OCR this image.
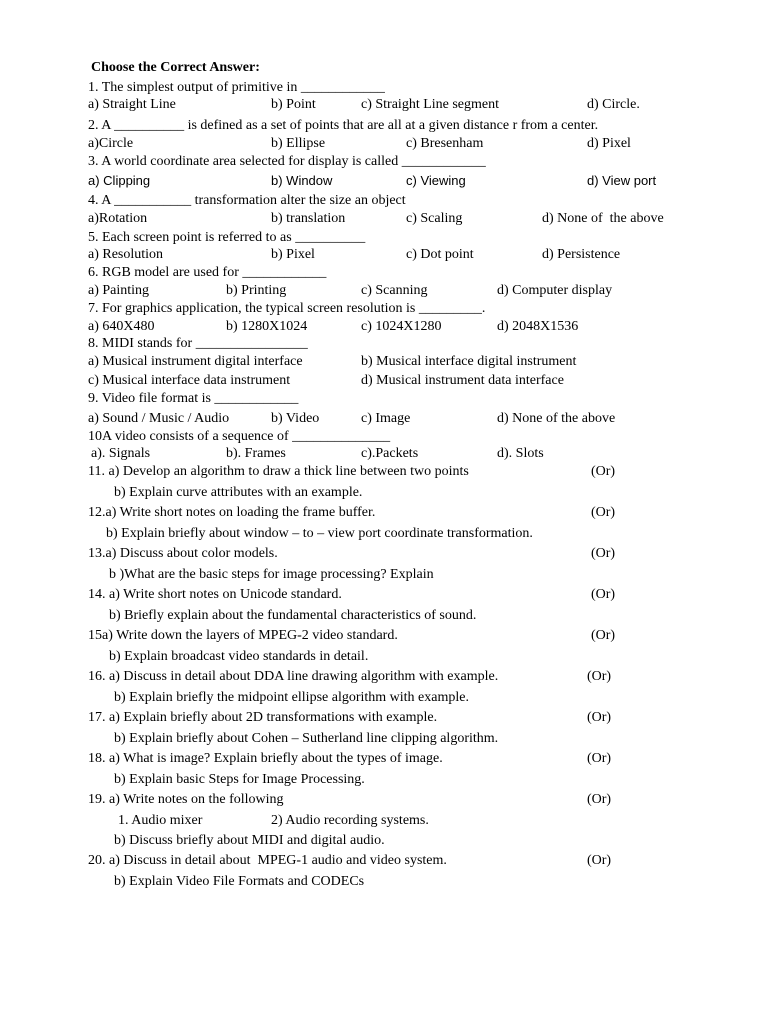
Choose the Correct Answer:
1. The simplest output of primitive in ____________
a) Straight Line	b) Point	c) Straight Line segment	d) Circle.
2. A __________ is defined as a set of points that are all at a given distance r from a center.
a)Circle	b) Ellipse	c) Bresenham	d) Pixel
3. A world coordinate area selected for display is called ____________
a) Clipping	b) Window	c) Viewing	d) View port
4. A ___________ transformation alter the size an object
a)Rotation	b) translation	c) Scaling	d) None of  the above
5. Each screen point is referred to as __________
a) Resolution	b) Pixel	c) Dot point	d) Persistence
6. RGB model are used for ____________
a) Painting	b) Printing	c) Scanning	d) Computer display
7. For graphics application, the typical screen resolution is _________.
a) 640X480	b) 1280X1024	c) 1024X1280	d) 2048X1536
8. MIDI stands for ________________
a) Musical instrument digital interface	b) Musical interface digital instrument
c) Musical interface data instrument	d) Musical instrument data interface
9. Video file format is ____________
a) Sound / Music / Audio	b) Video	c) Image	d) None of the above
10A video consists of a sequence of ______________
a). Signals	b). Frames	c).Packets	d). Slots
11. a) Develop an algorithm to draw a thick line between two points	(Or)
b) Explain curve attributes with an example.
12.a) Write short notes on loading the frame buffer.	(Or)
b) Explain briefly about window – to – view port coordinate transformation.
13.a) Discuss about color models.	(Or)
b )What are the basic steps for image processing? Explain
14. a) Write short notes on Unicode standard.	(Or)
b) Briefly explain about the fundamental characteristics of sound.
15a) Write down the layers of MPEG-2 video standard.	(Or)
b) Explain broadcast video standards in detail.
16. a) Discuss in detail about DDA line drawing algorithm with example.	(Or)
b) Explain briefly the midpoint ellipse algorithm with example.
17. a) Explain briefly about 2D transformations with example.	(Or)
b) Explain briefly about Cohen – Sutherland line clipping algorithm.
18. a) What is image? Explain briefly about the types of image.	(Or)
b) Explain basic Steps for Image Processing.
19. a) Write notes on the following	(Or)
1. Audio mixer	2) Audio recording systems.
b) Discuss briefly about MIDI and digital audio.
20. a) Discuss in detail about  MPEG-1 audio and video system.	(Or)
b) Explain Video File Formats and CODECs
